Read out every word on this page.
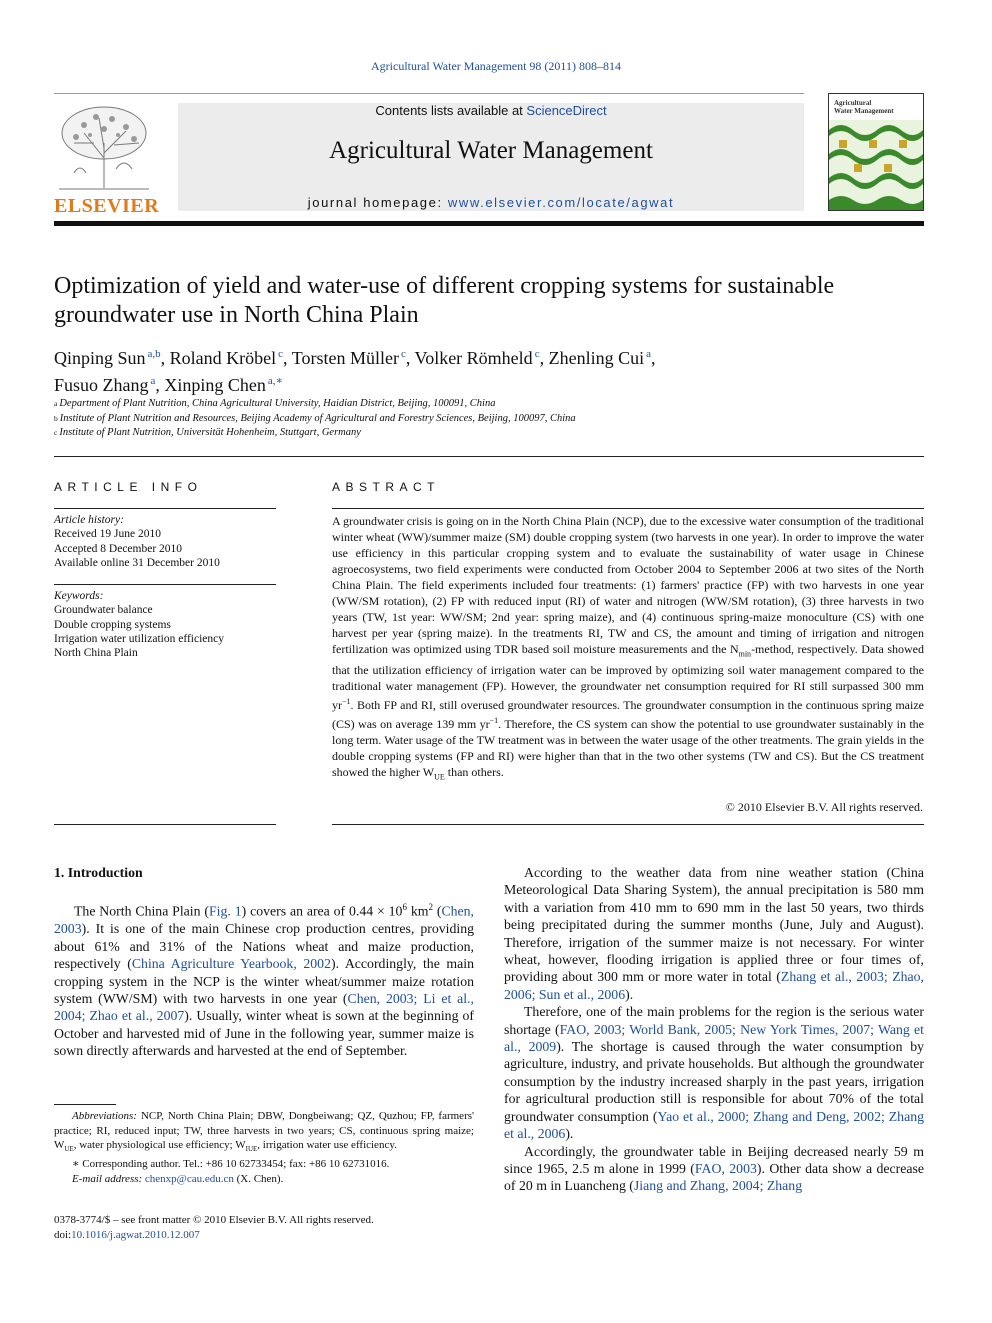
Agricultural Water Management 98 (2011) 808–814
ELSEVIER
Contents lists available at ScienceDirect
Agricultural Water Management
journal homepage: www.elsevier.com/locate/agwat
Agricultural
Water Management
Optimization of yield and water-use of different cropping systems for sustainable groundwater use in North China Plain
Qinping Sun $^{a,b}$, Roland Kröbel $^c$, Torsten Müller $^c$, Volker Römheld $^c$, Zhenling Cui $^a$,
Fusuo Zhang $^a$, Xinping Chen $^{a,∗}$
$^a$ Department of Plant Nutrition, China Agricultural University, Haidian District, Beijing, 100091, China
$^b$ Institute of Plant Nutrition and Resources, Beijing Academy of Agricultural and Forestry Sciences, Beijing, 100097, China
$^c$ Institute of Plant Nutrition, Universität Hohenheim, Stuttgart, Germany
ARTICLE INFO	ABSTRACT
Article history:
Received 19 June 2010
Accepted 8 December 2010
Available online 31 December 2010
Keywords:
Groundwater balance
Double cropping systems
Irrigation water utilization efficiency
North China Plain
A groundwater crisis is going on in the North China Plain (NCP), due to the excessive water consumption of the traditional winter wheat (WW)/summer maize (SM) double cropping system (two harvests in one year). In order to improve the water use efficiency in this particular cropping system and to evaluate the sustainability of water usage in Chinese agroecosystems, two field experiments were conducted from October 2004 to September 2006 at two sites of the North China Plain. The field experiments included four treatments: (1) farmers' practice (FP) with two harvests in one year (WW/SM rotation), (2) FP with reduced input (RI) of water and nitrogen (WW/SM rotation), (3) three harvests in two years (TW, 1st year: WW/SM; 2nd year: spring maize), and (4) continuous spring-maize monoculture (CS) with one harvest per year (spring maize). In the treatments RI, TW and CS, the amount and timing of irrigation and nitrogen fertilization was optimized using TDR based soil moisture measurements and the $N_{min}$-method, respectively. Data showed that the utilization efficiency of irrigation water can be improved by optimizing soil water management compared to the traditional water management (FP). However, the groundwater net consumption required for RI still surpassed 300 mm $yr^{-1}$. Both FP and RI, still overused groundwater resources. The groundwater consumption in the continuous spring maize (CS) was on average 139 mm $yr^{-1}$. Therefore, the CS system can show the potential to use groundwater sustainably in the long term. Water usage of the TW treatment was in between the water usage of the other treatments. The grain yields in the double cropping systems (FP and RI) were higher than that in the two other systems (TW and CS). But the CS treatment showed the higher $W_{UE}$ than others.
© 2010 Elsevier B.V. All rights reserved.
1. Introduction

The North China Plain (Fig. 1) covers an area of $0.44 \times 10^6$ $km^2$ (Chen, 2003). It is one of the main Chinese crop production centres, providing about 61% and 31% of the Nations wheat and maize production, respectively (China Agriculture Yearbook, 2002). Accordingly, the main cropping system in the NCP is the winter wheat/summer maize rotation system (WW/SM) with two harvests in one year (Chen, 2003; Li et al., 2004; Zhao et al., 2007). Usually, winter wheat is sown at the beginning of October and harvested mid of June in the following year, summer maize is sown directly afterwards and harvested at the end of September.

According to the weather data from nine weather station (China Meteorological Data Sharing System), the annual precipitation is 580 mm with a variation from 410 mm to 690 mm in the last 50 years, two thirds being precipitated during the summer months (June, July and August). Therefore, irrigation of the summer maize is not necessary. For winter wheat, however, flooding irrigation is applied three or four times of, providing about 300 mm or more water in total (Zhang et al., 2003; Zhao, 2006; Sun et al., 2006).

Therefore, one of the main problems for the region is the serious water shortage (FAO, 2003; World Bank, 2005; New York Times, 2007; Wang et al., 2009). The shortage is caused through the water consumption by agriculture, industry, and private households. But although the groundwater consumption by the industry increased sharply in the past years, irrigation for agricultural production still is responsible for about 70% of the total groundwater consumption (Yao et al., 2000; Zhang and Deng, 2002; Zhang et al., 2006).

Accordingly, the groundwater table in Beijing decreased nearly 59 m since 1965, 2.5 m alone in 1999 (FAO, 2003). Other data show a decrease of 20 m in Luancheng (Jiang and Zhang, 2004; Zhang

Abbreviations: NCP, North China Plain; DBW, Dongbeiwang; QZ, Quzhou; FP, farmers' practice; RI, reduced input; TW, three harvests in two years; CS, continuous spring maize; $W_{UE}$, water physiological use efficiency; $W_{IUE}$, irrigation water use efficiency.

∗ Corresponding author. Tel.: +86 10 62733454; fax: +86 10 62731016.

E-mail address: chenxp@cau.edu.cn (X. Chen).

0378-3774/$ – see front matter © 2010 Elsevier B.V. All rights reserved.
doi:10.1016/j.agwat.2010.12.007
